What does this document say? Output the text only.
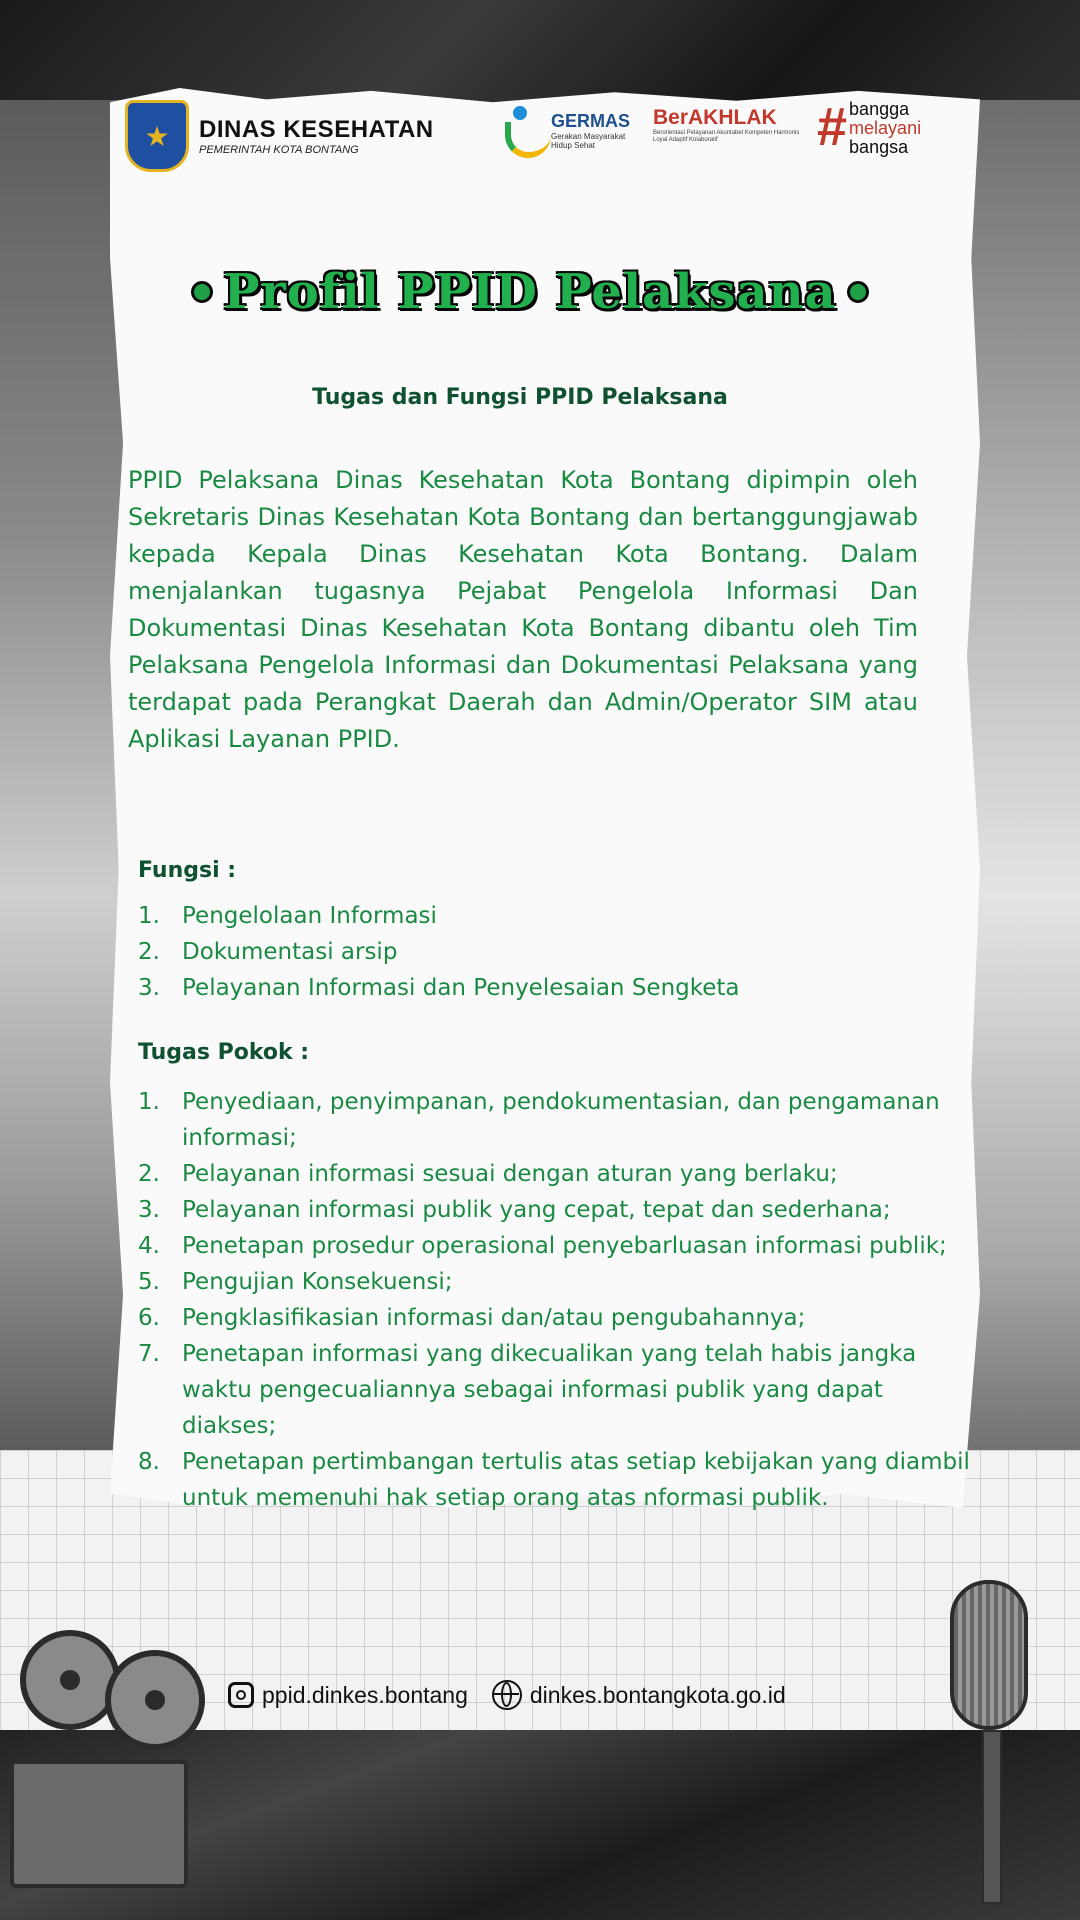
★	DINAS KESEHATAN
PEMERINTAH KOTA BONTANG
GERMAS
Gerakan Masyarakat
Hidup Sehat
BerAKHLAK
Berorientasi Pelayanan Akuntabel Kompeten Harmonis Loyal Adaptif Kolaboratif	# bangga
melayani
bangsa
Profil PPID Pelaksana
Tugas dan Fungsi PPID Pelaksana
PPID Pelaksana Dinas Kesehatan Kota Bontang dipimpin oleh Sekretaris Dinas Kesehatan Kota Bontang dan bertanggungjawab kepada Kepala Dinas Kesehatan Kota Bontang. Dalam menjalankan tugasnya Pejabat Pengelola Informasi Dan Dokumentasi Dinas Kesehatan Kota Bontang dibantu oleh Tim Pelaksana Pengelola Informasi dan Dokumentasi Pelaksana yang terdapat pada Perangkat Daerah dan Admin/Operator SIM atau Aplikasi Layanan PPID.
Fungsi :
1. Pengelolaan Informasi
2. Dokumentasi arsip
3. Pelayanan Informasi dan Penyelesaian Sengketa
Tugas Pokok :
1. Penyediaan, penyimpanan, pendokumentasian, dan pengamanan informasi;
2. Pelayanan informasi sesuai dengan aturan yang berlaku;
3. Pelayanan informasi publik yang cepat, tepat dan sederhana;
4. Penetapan prosedur operasional penyebarluasan informasi publik;
5. Pengujian Konsekuensi;
6. Pengklasifikasian informasi dan/atau pengubahannya;
7. Penetapan informasi yang dikecualikan yang telah habis jangka waktu pengecualiannya sebagai informasi publik yang dapat diakses;
8. Penetapan pertimbangan tertulis atas setiap kebijakan yang diambil untuk memenuhi hak setiap orang atas nformasi publik.
ppid.dinkes.bontang	dinkes.bontangkota.go.id
